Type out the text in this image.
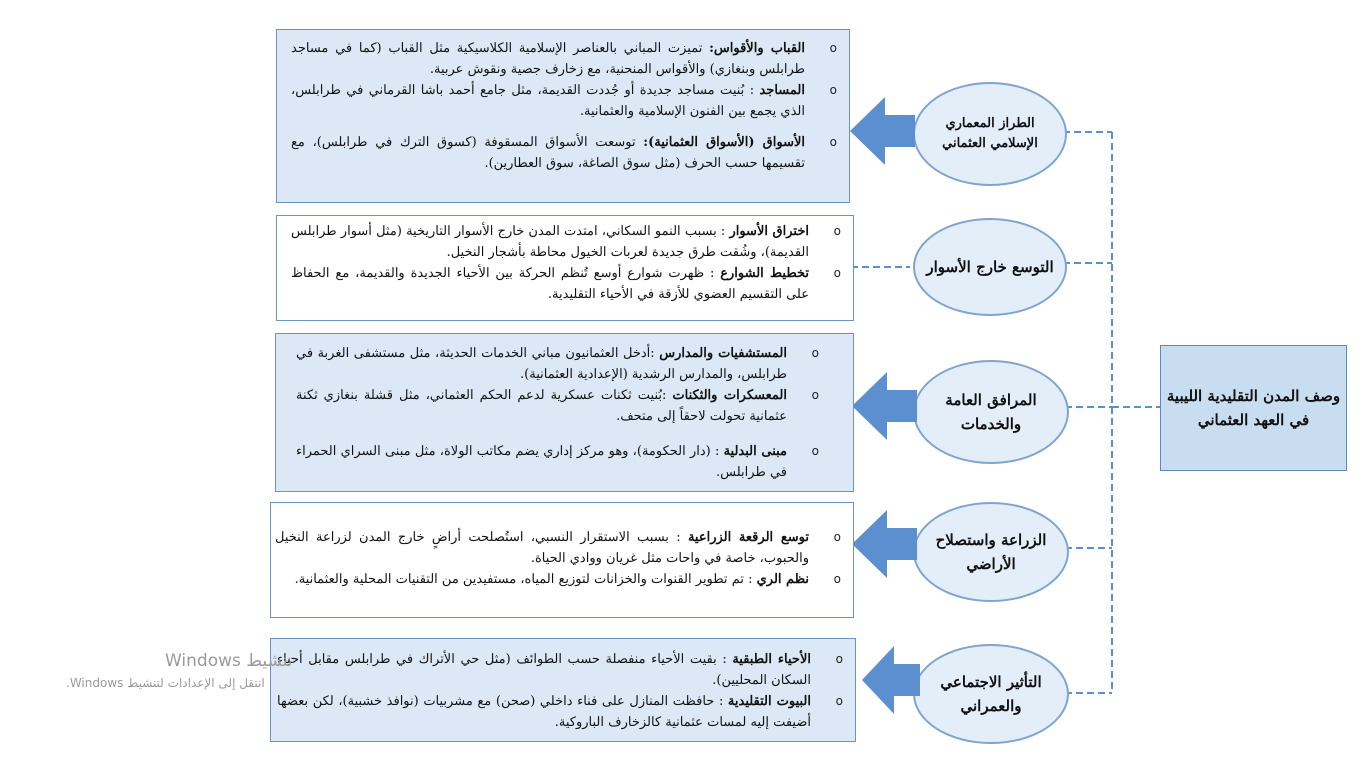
وصف المدن التقليدية الليبية في العهد العثماني
الطراز المعماري الإسلامي العثماني
التوسع خارج الأسوار
المرافق العامة والخدمات
الزراعة واستصلاح الأراضي
التأثير الاجتماعي والعمراني
o القباب والأقواس: تميزت المباني بالعناصر الإسلامية الكلاسيكية مثل القباب (كما في مساجد طرابلس وبنغازي) والأقواس المنحنية، مع زخارف جصية ونقوش عربية.
o المساجد : بُنيت مساجد جديدة أو جُددت القديمة، مثل جامع أحمد باشا القرماني في طرابلس، الذي يجمع بين الفنون الإسلامية والعثمانية.
o الأسواق (الأسواق العثمانية): توسعت الأسواق المسقوفة (كسوق الترك في طرابلس)، مع تقسيمها حسب الحرف (مثل سوق الصاغة، سوق العطارين).
o اختراق الأسوار : بسبب النمو السكاني، امتدت المدن خارج الأسوار التاريخية (مثل أسوار طرابلس القديمة)، وشُقت طرق جديدة لعربات الخيول محاطة بأشجار النخيل.
o تخطيط الشوارع : ظهرت شوارع أوسع تُنظم الحركة بين الأحياء الجديدة والقديمة، مع الحفاظ على التقسيم العضوي للأزقة في الأحياء التقليدية.
o المستشفيات والمدارس :أدخل العثمانيون مباني الخدمات الحديثة، مثل مستشفى الغربة في طرابلس، والمدارس الرشدية (الإعدادية العثمانية).
o المعسكرات والثكنات :بُنيت ثكنات عسكرية لدعم الحكم العثماني، مثل قشلة بنغازي ثكنة عثمانية تحولت لاحقاً إلى متحف.
o مبنى البدلية : (دار الحكومة)، وهو مركز إداري يضم مكاتب الولاة، مثل مبنى السراي الحمراء في طرابلس.
o توسع الرقعة الزراعية : بسبب الاستقرار النسبي، استُصلحت أراضٍ خارج المدن لزراعة النخيل والحبوب، خاصة في واحات مثل غريان ووادي الحياة.
o نظم الري : تم تطوير القنوات والخزانات لتوزيع المياه، مستفيدين من التقنيات المحلية والعثمانية.
o الأحياء الطبقية : بقيت الأحياء منفصلة حسب الطوائف (مثل حي الأتراك في طرابلس مقابل أحياء السكان المحليين).
o البيوت التقليدية : حافظت المنازل على فناء داخلي (صحن) مع مشربيات (نوافذ خشبية)، لكن بعضها أضيفت إليه لمسات عثمانية كالزخارف الباروكية.
Windows تنشيط
انتقل إلى الإعدادات لتنشيط Windows.
